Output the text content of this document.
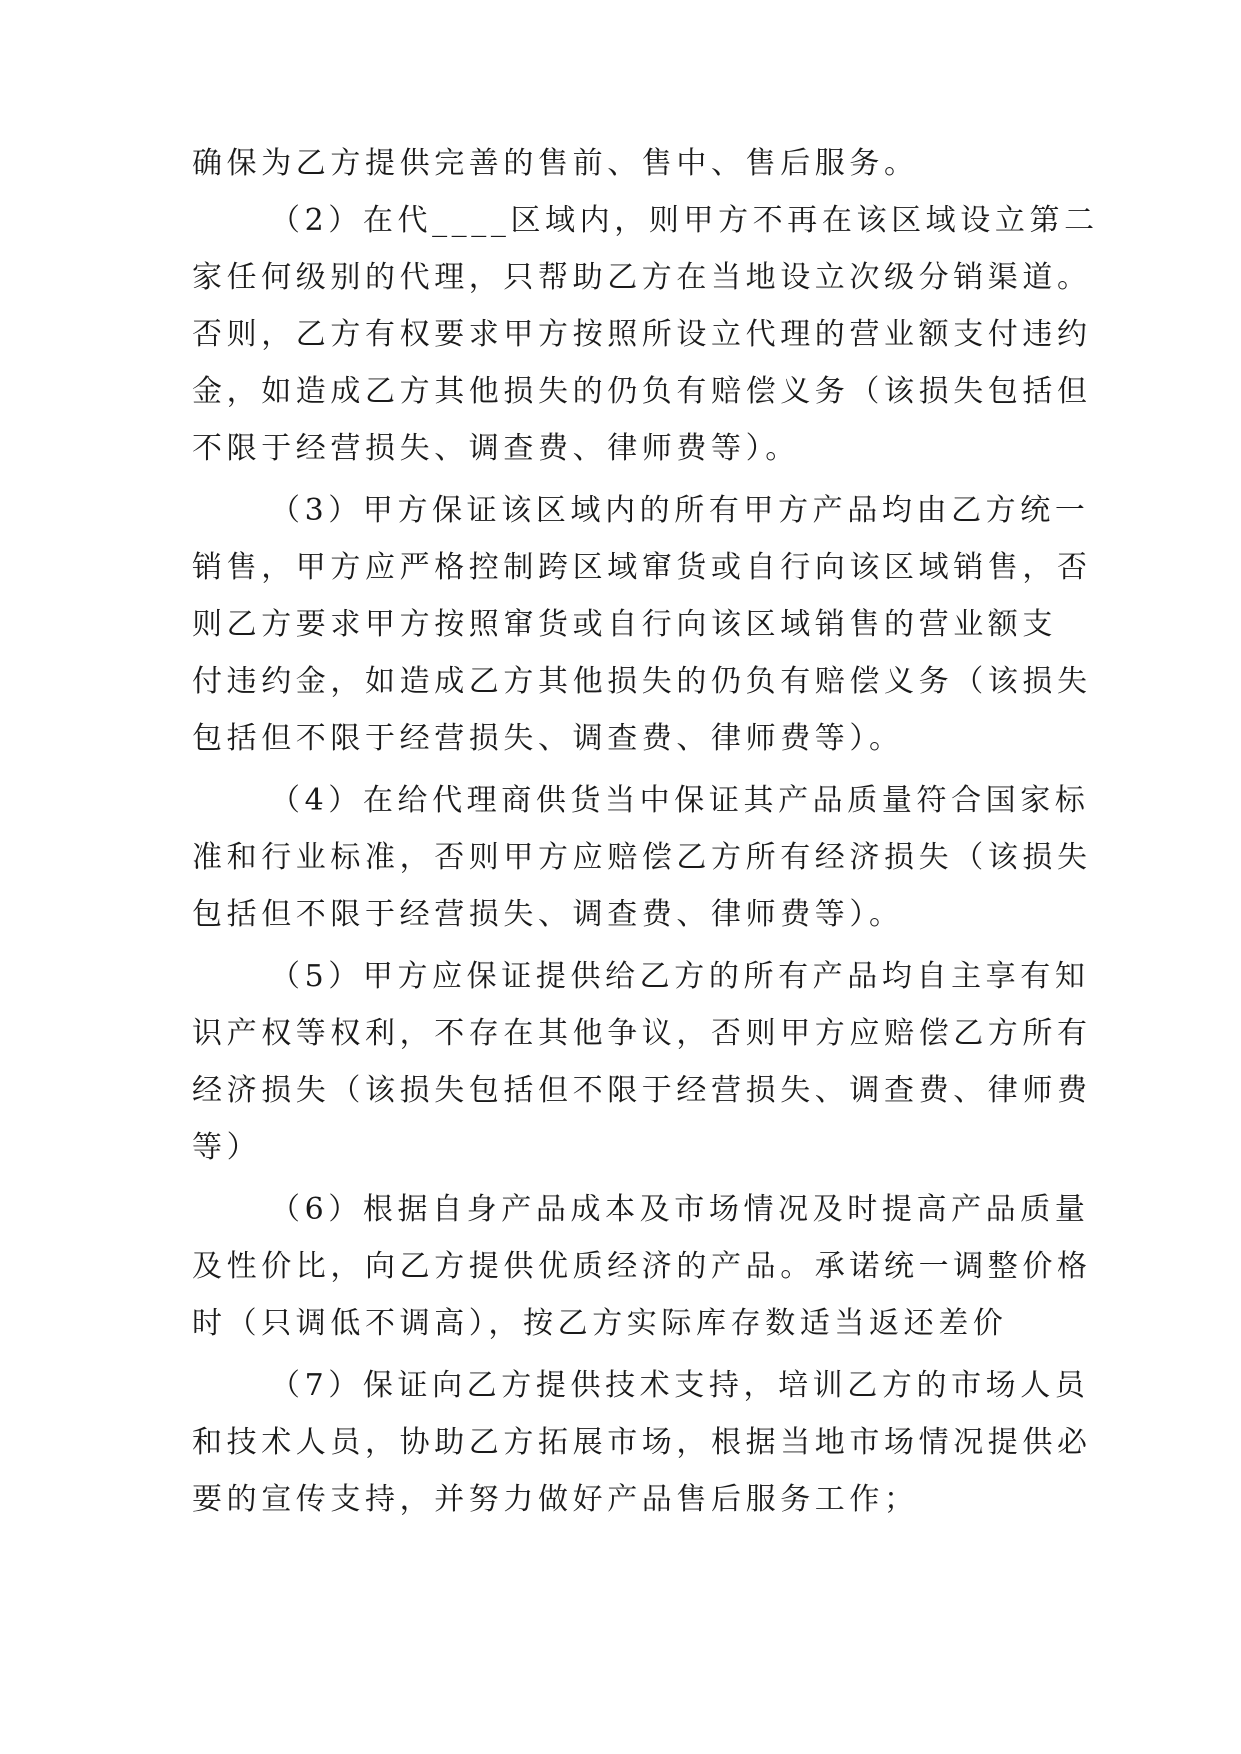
确保为乙方提供完善的售前、售中、售后服务。
（2）在代____区域内，则甲方不再在该区域设立第二
家任何级别的代理，只帮助乙方在当地设立次级分销渠道。
否则，乙方有权要求甲方按照所设立代理的营业额支付违约
金，如造成乙方其他损失的仍负有赔偿义务（该损失包括但
不限于经营损失、调查费、律师费等）。
（3）甲方保证该区域内的所有甲方产品均由乙方统一
销售，甲方应严格控制跨区域窜货或自行向该区域销售，否
则乙方要求甲方按照窜货或自行向该区域销售的营业额支
付违约金，如造成乙方其他损失的仍负有赔偿义务（该损失
包括但不限于经营损失、调查费、律师费等）。
（4）在给代理商供货当中保证其产品质量符合国家标
准和行业标准，否则甲方应赔偿乙方所有经济损失（该损失
包括但不限于经营损失、调查费、律师费等）。
（5）甲方应保证提供给乙方的所有产品均自主享有知
识产权等权利，不存在其他争议，否则甲方应赔偿乙方所有
经济损失（该损失包括但不限于经营损失、调查费、律师费
等）
（6）根据自身产品成本及市场情况及时提高产品质量
及性价比，向乙方提供优质经济的产品。承诺统一调整价格
时（只调低不调高），按乙方实际库存数适当返还差价
（7）保证向乙方提供技术支持，培训乙方的市场人员
和技术人员，协助乙方拓展市场，根据当地市场情况提供必
要的宣传支持，并努力做好产品售后服务工作；
